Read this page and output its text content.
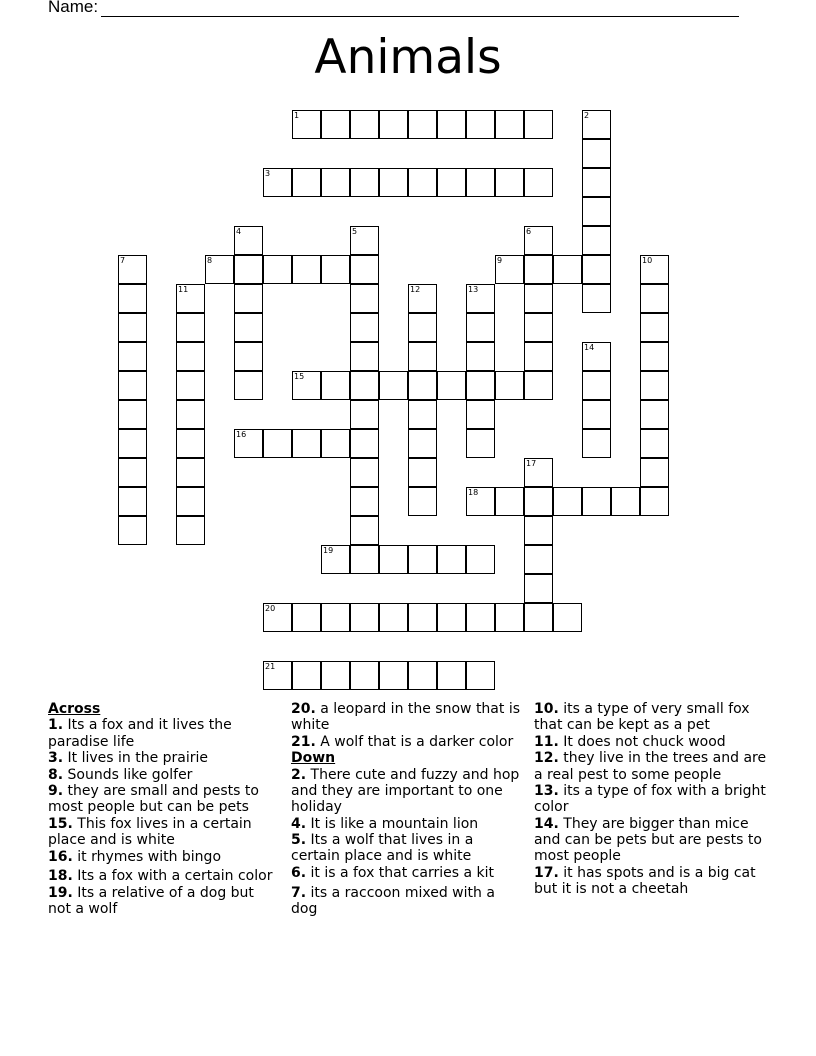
Name:
Animals
1	2
3
4	5	6
7	8	9	10
11	12	13
14
15
16
17
18
19
20
21
Across
1. Its a fox and it lives the paradise life
3. It lives in the prairie
8. Sounds like golfer
9. they are small and pests to most people but can be pets
15. This fox lives in a certain place and is white
16. it rhymes with bingo
18. Its a fox with a certain color
19. Its a relative of a dog but not a wolf
20. a leopard in the snow that is white
21. A wolf that is a darker color
Down
2. There cute and fuzzy and hop and they are important to one holiday
4. It is like a mountain lion
5. Its a wolf that lives in a certain place and is white
6. it is a fox that carries a kit
7. its a raccoon mixed with a dog
10. its a type of very small fox that can be kept as a pet
11. It does not chuck wood
12. they live in the trees and are a real pest to some people
13. its a type of fox with a bright color
14. They are bigger than mice and can be pets but are pests to most people
17. it has spots and is a big cat but it is not a cheetah
